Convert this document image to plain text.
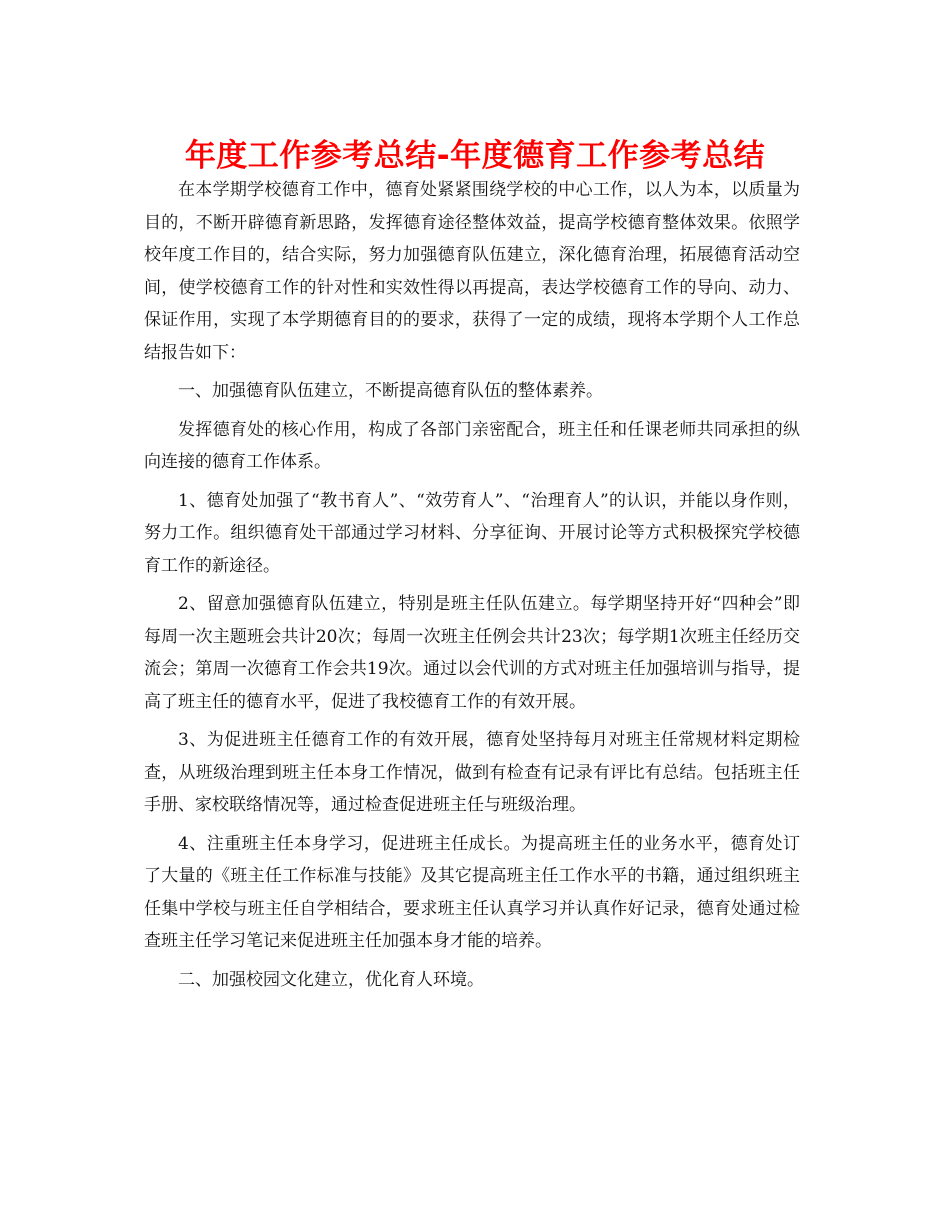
年度工作参考总结-年度德育工作参考总结

在本学期学校德育工作中，德育处紧紧围绕学校的中心工作，以人为本，以质量为目的，不断开辟德育新思路，发挥德育途径整体效益，提高学校德育整体效果。依照学校年度工作目的，结合实际，努力加强德育队伍建立，深化德育治理，拓展德育活动空间，使学校德育工作的针对性和实效性得以再提高，表达学校德育工作的导向、动力、保证作用，实现了本学期德育目的的要求，获得了一定的成绩，现将本学期个人工作总结报告如下：

一、加强德育队伍建立，不断提高德育队伍的整体素养。

发挥德育处的核心作用，构成了各部门亲密配合，班主任和任课老师共同承担的纵向连接的德育工作体系。

1、德育处加强了“教书育人”、“效劳育人”、“治理育人”的认识，并能以身作则，努力工作。组织德育处干部通过学习材料、分享征询、开展讨论等方式积极探究学校德育工作的新途径。

2、留意加强德育队伍建立，特别是班主任队伍建立。每学期坚持开好“四种会”即每周一次主题班会共计20次；每周一次班主任例会共计23次；每学期1次班主任经历交流会；第周一次德育工作会共19次。通过以会代训的方式对班主任加强培训与指导，提高了班主任的德育水平，促进了我校德育工作的有效开展。

3、为促进班主任德育工作的有效开展，德育处坚持每月对班主任常规材料定期检查，从班级治理到班主任本身工作情况，做到有检查有记录有评比有总结。包括班主任手册、家校联络情况等，通过检查促进班主任与班级治理。

4、注重班主任本身学习，促进班主任成长。为提高班主任的业务水平，德育处订了大量的《班主任工作标准与技能》及其它提高班主任工作水平的书籍，通过组织班主任集中学校与班主任自学相结合，要求班主任认真学习并认真作好记录，德育处通过检查班主任学习笔记来促进班主任加强本身才能的培养。

二、加强校园文化建立，优化育人环境。
